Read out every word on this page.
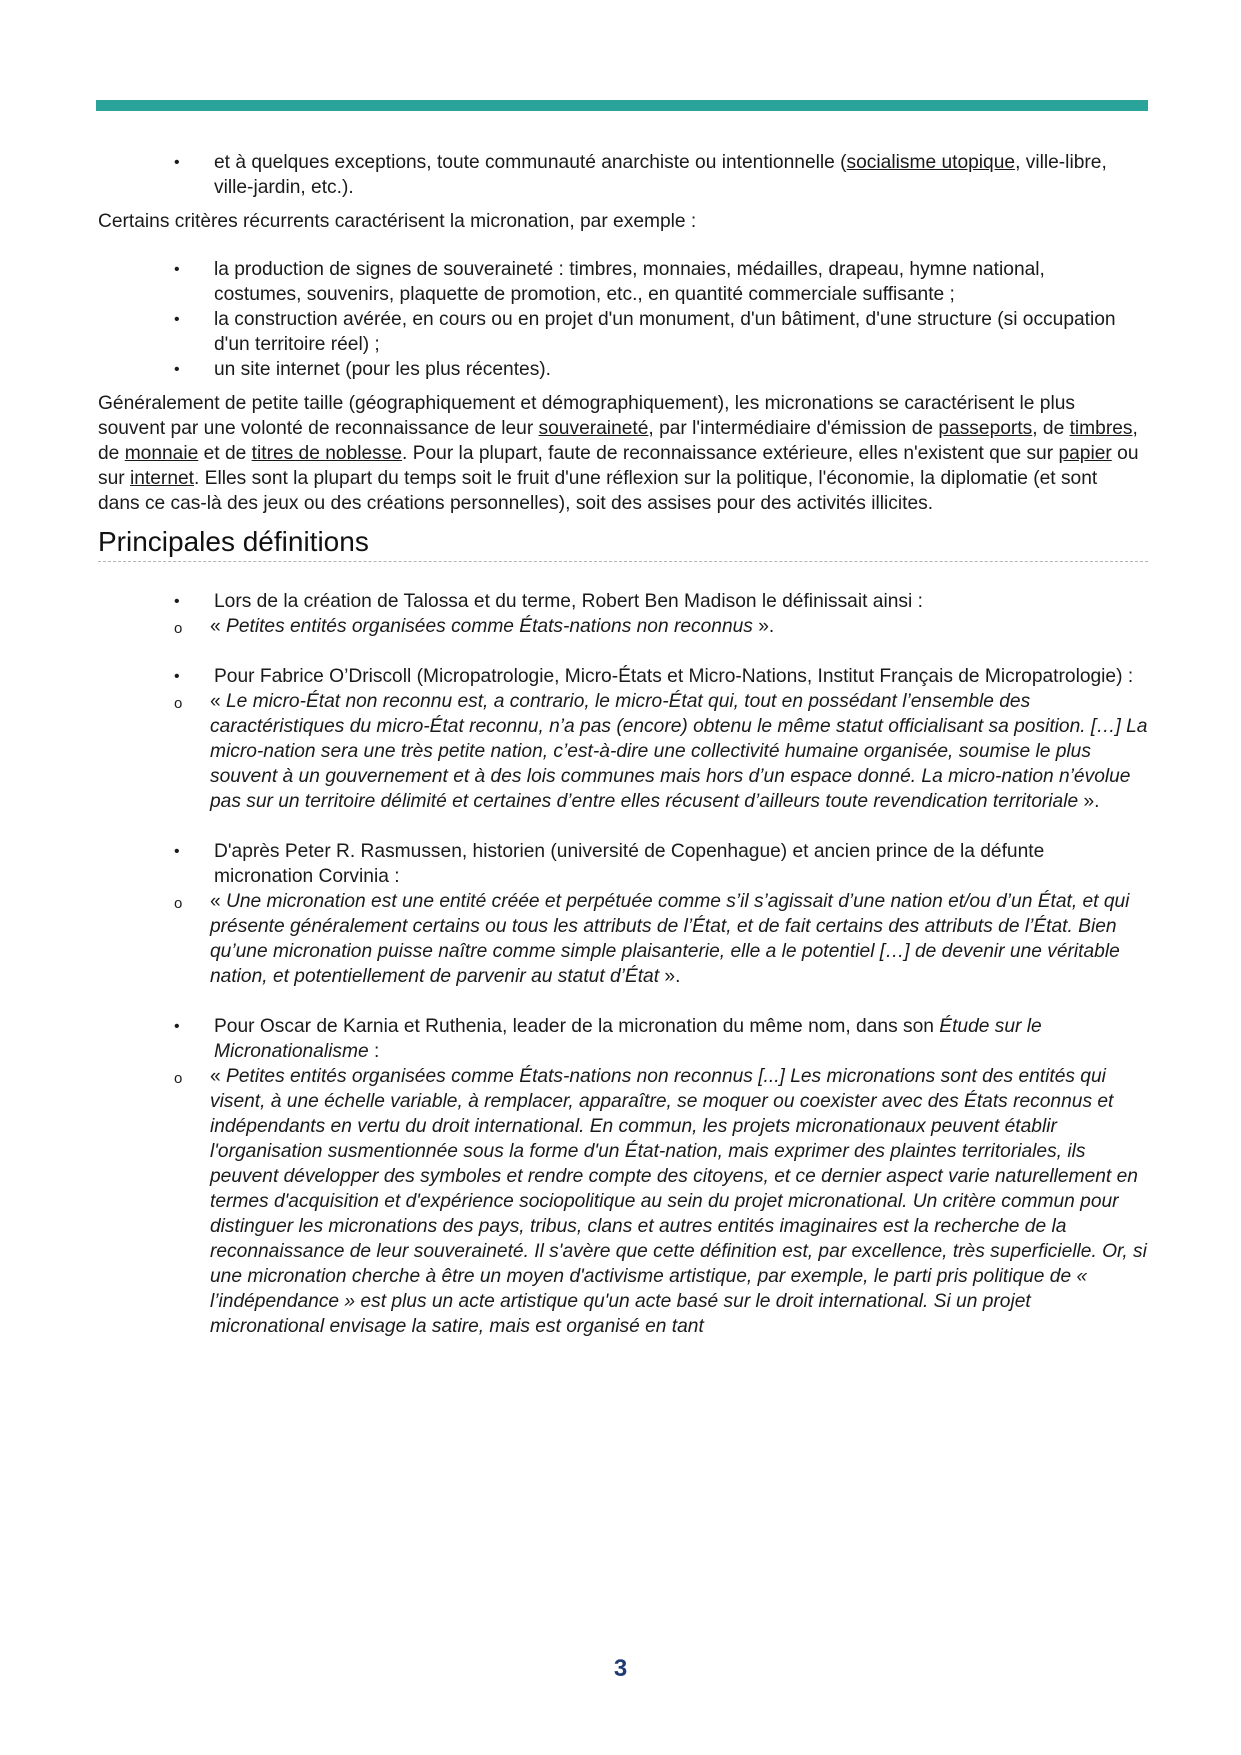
• et à quelques exceptions, toute communauté anarchiste ou intentionnelle (socialisme utopique, ville-libre, ville-jardin, etc.).

Certains critères récurrents caractérisent la micronation, par exemple :

• la production de signes de souveraineté : timbres, monnaies, médailles, drapeau, hymne national, costumes, souvenirs, plaquette de promotion, etc., en quantité commerciale suffisante ;
• la construction avérée, en cours ou en projet d'un monument, d'un bâtiment, d'une structure (si occupation d'un territoire réel) ;
• un site internet (pour les plus récentes).

Généralement de petite taille (géographiquement et démographiquement), les micronations se caractérisent le plus souvent par une volonté de reconnaissance de leur souveraineté, par l'intermédiaire d'émission de passeports, de timbres, de monnaie et de titres de noblesse. Pour la plupart, faute de reconnaissance extérieure, elles n'existent que sur papier ou sur internet. Elles sont la plupart du temps soit le fruit d'une réflexion sur la politique, l'économie, la diplomatie (et sont dans ce cas-là des jeux ou des créations personnelles), soit des assises pour des activités illicites.

Principales définitions
• Lors de la création de Talossa et du terme, Robert Ben Madison le définissait ainsi :
o « Petites entités organisées comme États-nations non reconnus ».
• Pour Fabrice O’Driscoll (Micropatrologie, Micro-États et Micro-Nations, Institut Français de Micropatrologie) :
o « Le micro-État non reconnu est, a contrario, le micro-État qui, tout en possédant l’ensemble des caractéristiques du micro-État reconnu, n’a pas (encore) obtenu le même statut officialisant sa position. […] La micro-nation sera une très petite nation, c’est-à-dire une collectivité humaine organisée, soumise le plus souvent à un gouvernement et à des lois communes mais hors d’un espace donné. La micro-nation n’évolue pas sur un territoire délimité et certaines d’entre elles récusent d’ailleurs toute revendication territoriale ».
• D'après Peter R. Rasmussen, historien (université de Copenhague) et ancien prince de la défunte micronation Corvinia :
o « Une micronation est une entité créée et perpétuée comme s’il s’agissait d’une nation et/ou d’un État, et qui présente généralement certains ou tous les attributs de l’État, et de fait certains des attributs de l’État. Bien qu’une micronation puisse naître comme simple plaisanterie, elle a le potentiel […] de devenir une véritable nation, et potentiellement de parvenir au statut d’État ».
• Pour Oscar de Karnia et Ruthenia, leader de la micronation du même nom, dans son Étude sur le Micronationalisme :
o « Petites entités organisées comme États-nations non reconnus [...] Les micronations sont des entités qui visent, à une échelle variable, à remplacer, apparaître, se moquer ou coexister avec des États reconnus et indépendants en vertu du droit international. En commun, les projets micronationaux peuvent établir l'organisation susmentionnée sous la forme d'un État-nation, mais exprimer des plaintes territoriales, ils peuvent développer des symboles et rendre compte des citoyens, et ce dernier aspect varie naturellement en termes d'acquisition et d'expérience sociopolitique au sein du projet micronational. Un critère commun pour distinguer les micronations des pays, tribus, clans et autres entités imaginaires est la recherche de la reconnaissance de leur souveraineté. Il s'avère que cette définition est, par excellence, très superficielle. Or, si une micronation cherche à être un moyen d'activisme artistique, par exemple, le parti pris politique de « l’indépendance » est plus un acte artistique qu'un acte basé sur le droit international. Si un projet micronational envisage la satire, mais est organisé en tant
3
